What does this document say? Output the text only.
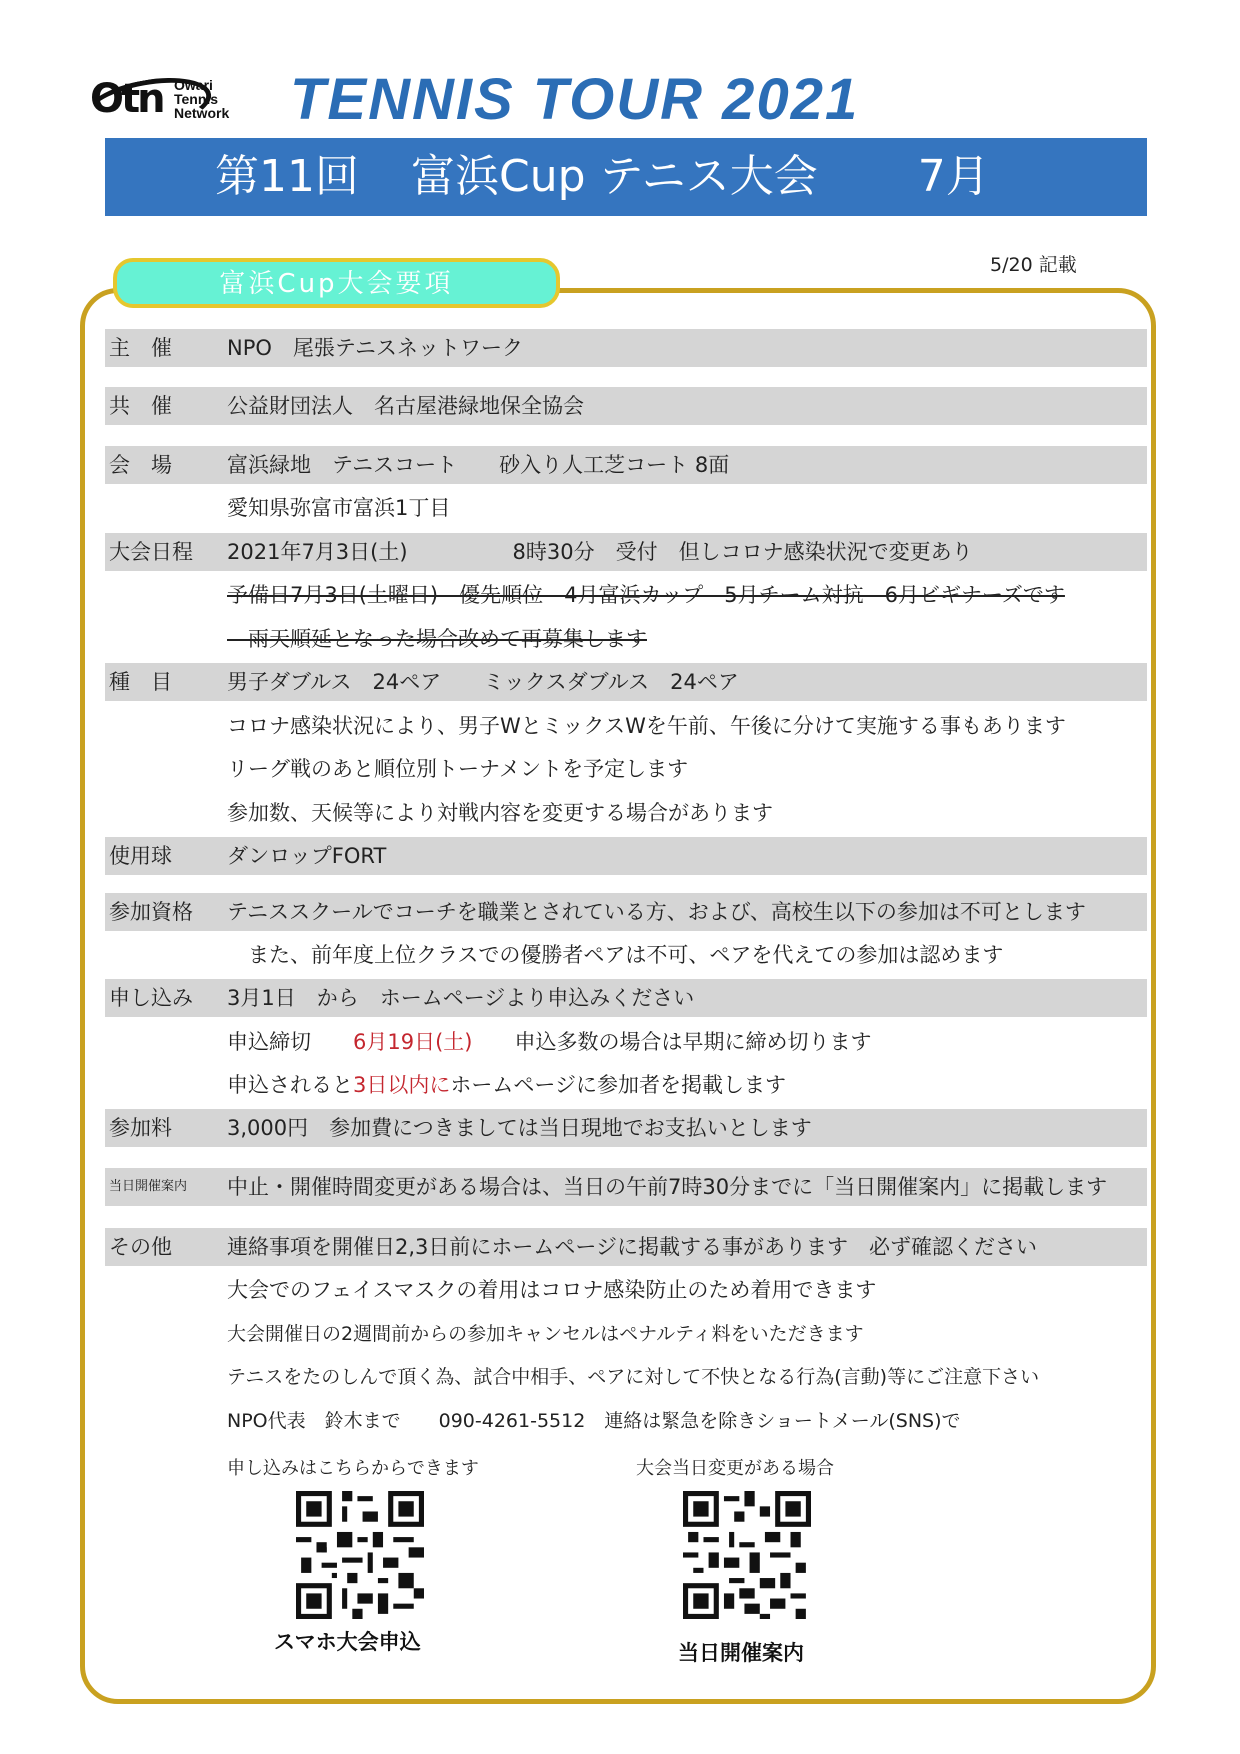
Otn Owari
Tennis
Network TENNIS TOUR 2021
第11回 富浜Cup テニス大会 7月
5/20 記載
富浜Cup大会要項
主　催	NPO　尾張テニスネットワーク
共　催	公益財団法人　名古屋港緑地保全協会
会　場	富浜緑地　テニスコート　　砂入り人工芝コート 8面
愛知県弥富市富浜1丁目
大会日程	2021年7月3日(土)　　　　　8時30分　受付　但しコロナ感染状況で変更あり
予備日7月3日(土曜日)　優先順位　4月富浜カップ　5月チーム対抗　6月ビギナーズです
　雨天順延となった場合改めて再募集します
種　目	男子ダブルス　24ペア　　ミックスダブルス　24ペア
コロナ感染状況により、男子WとミックスWを午前、午後に分けて実施する事もあります
リーグ戦のあと順位別トーナメントを予定します
参加数、天候等により対戦内容を変更する場合があります
使用球	ダンロップFORT
参加資格	テニススクールでコーチを職業とされている方、および、高校生以下の参加は不可とします
　また、前年度上位クラスでの優勝者ペアは不可、ペアを代えての参加は認めます
申し込み	3月1日　から　ホームページより申込みください
申込締切　　6月19日(土)　　申込多数の場合は早期に締め切ります
申込されると3日以内にホームページに参加者を掲載します
参加料	3,000円　参加費につきましては当日現地でお支払いとします
当日開催案内	中止・開催時間変更がある場合は、当日の午前7時30分までに「当日開催案内」に掲載します
その他	連絡事項を開催日2,3日前にホームページに掲載する事があります　必ず確認ください
大会でのフェイスマスクの着用はコロナ感染防止のため着用できます
大会開催日の2週間前からの参加キャンセルはペナルティ料をいただきます
テニスをたのしんで頂く為、試合中相手、ペアに対して不快となる行為(言動)等にご注意下さい
NPO代表　鈴木まで　　090-4261-5512　連絡は緊急を除きショートメール(SNS)で
申し込みはこちらからできます	大会当日変更がある場合
スマホ大会申込	当日開催案内
